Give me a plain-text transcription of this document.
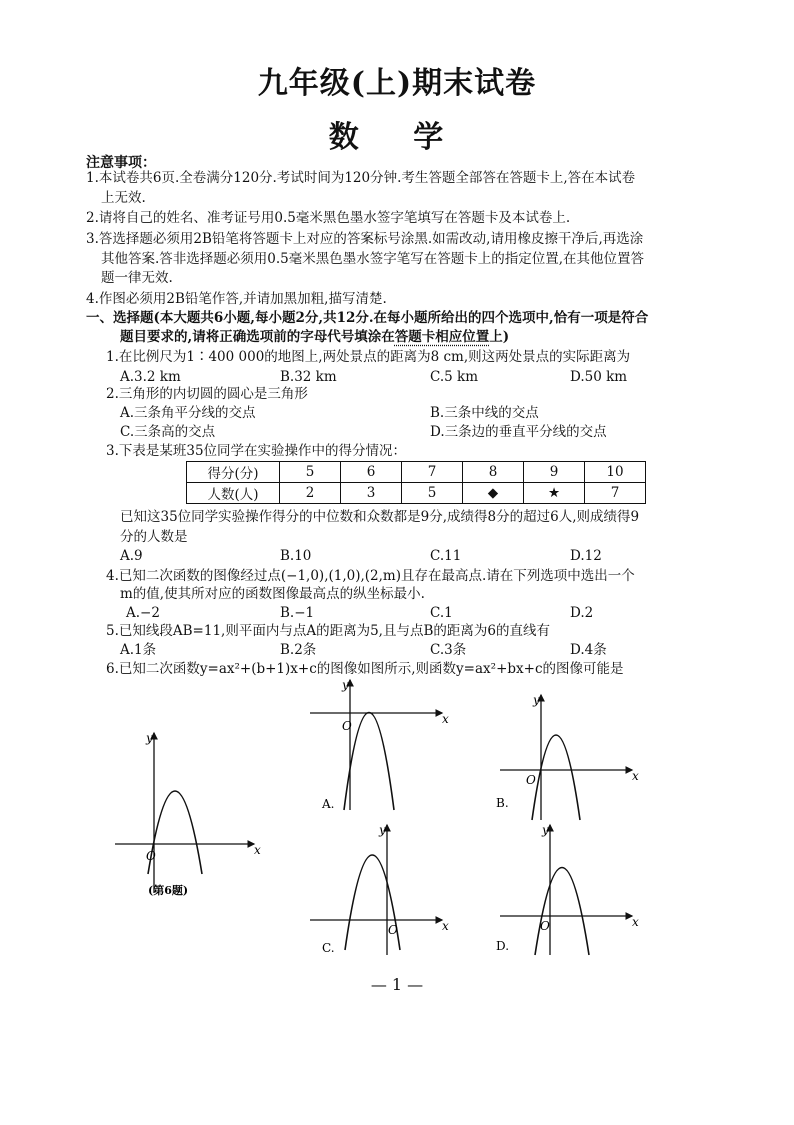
九年级(上)期末试卷
数 学
注意事项：
1.本试卷共6页.全卷满分120分.考试时间为120分钟.考生答题全部答在答题卡上,答在本试卷
上无效.
2.请将自己的姓名、准考证号用0.5毫米黑色墨水签字笔填写在答题卡及本试卷上.
3.答选择题必须用2B铅笔将答题卡上对应的答案标号涂黑.如需改动,请用橡皮擦干净后,再选涂
其他答案.答非选择题必须用0.5毫米黑色墨水签字笔写在答题卡上的指定位置,在其他位置答
题一律无效.
4.作图必须用2B铅笔作答,并请加黑加粗,描写清楚.
一、选择题(本大题共6小题,每小题2分,共12分.在每小题所给出的四个选项中,恰有一项是符合
题目要求的,请将正确选项前的字母代号填涂在答题卡相应位置上)
1.在比例尺为1∶400 000的地图上,两处景点的距离为8 cm,则这两处景点的实际距离为
A.3.2 km	B.32 km	C.5 km	D.50 km
2.三角形的内切圆的圆心是三角形
A.三条角平分线的交点	B.三条中线的交点
C.三条高的交点	D.三条边的垂直平分线的交点
3.下表是某班35位同学在实验操作中的得分情况：
得分(分)	5	6	7	8	9	10
人数(人)	2	3	5	◆	★	7
已知这35位同学实验操作得分的中位数和众数都是9分,成绩得8分的超过6人,则成绩得9
分的人数是
A.9	B.10	C.11	D.12
4.已知二次函数的图像经过点(−1,0),(1,0),(2,m)且存在最高点.请在下列选项中选出一个
m的值,使其所对应的函数图像最高点的纵坐标最小.
A.−2	B.−1	C.1	D.2
5.已知线段AB=11,则平面内与点A的距离为5,且与点B的距离为6的直线有
A.1条	B.2条	C.3条	D.4条
6.已知二次函数y=ax²+(b+1)x+c的图像如图所示,则函数y=ax²+bx+c的图像可能是
O	x
y
(第6题)
O	x
y
A.
O	x
y
B.
O	x
y
C.
O	x
y
D.
— 1 —
